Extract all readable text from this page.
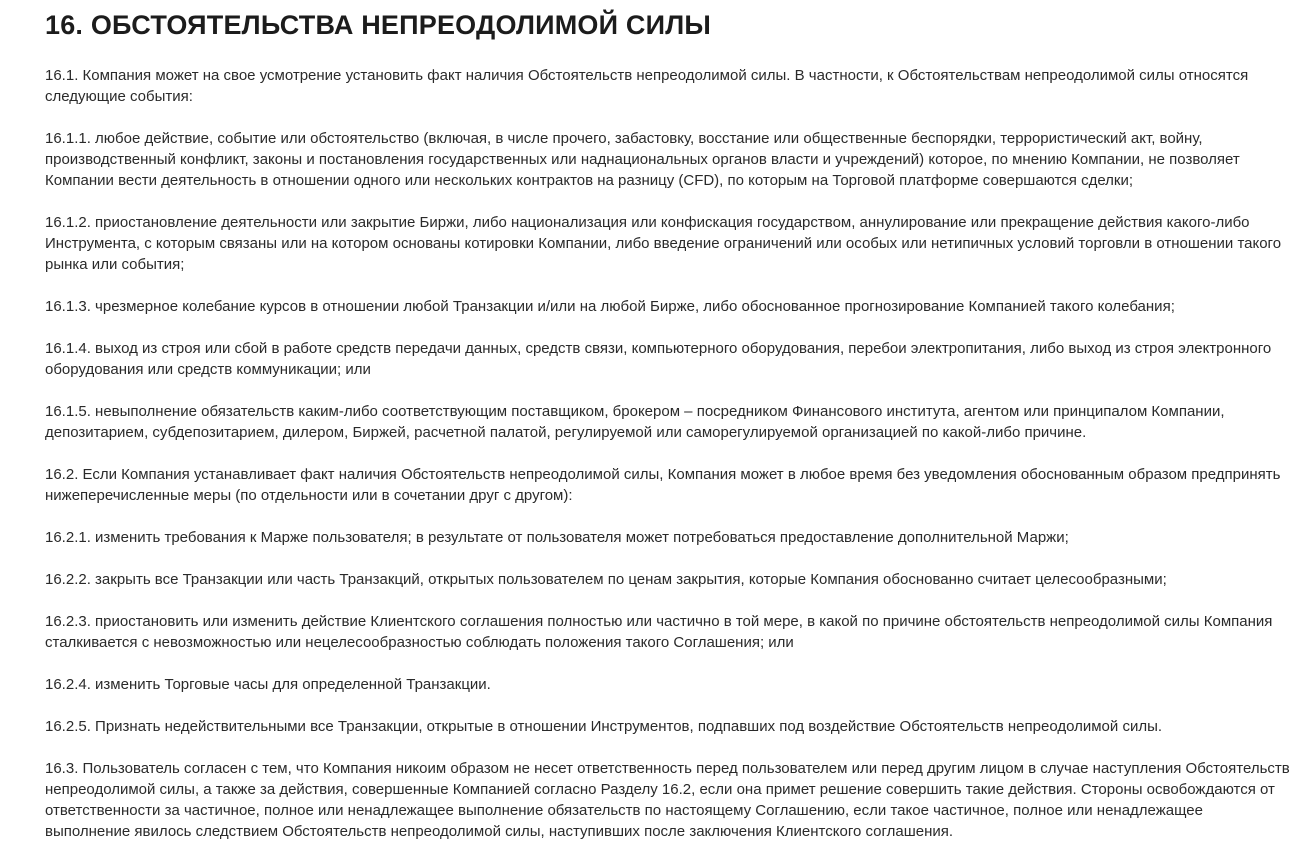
16. ОБСТОЯТЕЛЬСТВА НЕПРЕОДОЛИМОЙ СИЛЫ

16.1. Компания может на свое усмотрение установить факт наличия Обстоятельств непреодолимой силы. В частности, к Обстоятельствам непреодолимой силы относятся следующие события:

16.1.1. любое действие, событие или обстоятельство (включая, в числе прочего, забастовку, восстание или общественные беспорядки, террористический акт, войну, производственный конфликт, законы и постановления государственных или наднациональных органов власти и учреждений) которое, по мнению Компании, не позволяет Компании вести деятельность в отношении одного или нескольких контрактов на разницу (CFD), по которым на Торговой платформе совершаются сделки;

16.1.2. приостановление деятельности или закрытие Биржи, либо национализация или конфискация государством, аннулирование или прекращение действия какого-либо Инструмента, с которым связаны или на котором основаны котировки Компании, либо введение ограничений или особых или нетипичных условий торговли в отношении такого рынка или события;

16.1.3. чрезмерное колебание курсов в отношении любой Транзакции и/или на любой Бирже, либо обоснованное прогнозирование Компанией такого колебания;

16.1.4. выход из строя или сбой в работе средств передачи данных, средств связи, компьютерного оборудования, перебои электропитания, либо выход из строя электронного оборудования или средств коммуникации; или

16.1.5. невыполнение обязательств каким-либо соответствующим поставщиком, брокером – посредником Финансового института, агентом или принципалом Компании, депозитарием, субдепозитарием, дилером, Биржей, расчетной палатой, регулируемой или саморегулируемой организацией по какой-либо причине.

16.2. Если Компания устанавливает факт наличия Обстоятельств непреодолимой силы, Компания может в любое время без уведомления обоснованным образом предпринять нижеперечисленные меры (по отдельности или в сочетании друг с другом):

16.2.1. изменить требования к Марже пользователя; в результате от пользователя может потребоваться предоставление дополнительной Маржи;

16.2.2. закрыть все Транзакции или часть Транзакций, открытых пользователем по ценам закрытия, которые Компания обоснованно считает целесообразными;

16.2.3. приостановить или изменить действие Клиентского соглашения полностью или частично в той мере, в какой по причине обстоятельств непреодолимой силы Компания сталкивается с невозможностью или нецелесообразностью соблюдать положения такого Соглашения; или

16.2.4. изменить Торговые часы для определенной Транзакции.

16.2.5. Признать недействительными все Транзакции, открытые в отношении Инструментов, подпавших под воздействие Обстоятельств непреодолимой силы.

16.3. Пользователь согласен с тем, что Компания никоим образом не несет ответственность перед пользователем или перед другим лицом в случае наступления Обстоятельств непреодолимой силы, а также за действия, совершенные Компанией согласно Разделу 16.2, если она примет решение совершить такие действия. Стороны освобождаются от ответственности за частичное, полное или ненадлежащее выполнение обязательств по настоящему Соглашению, если такое частичное, полное или ненадлежащее выполнение явилось следствием Обстоятельств непреодолимой силы, наступивших после заключения Клиентского соглашения.
